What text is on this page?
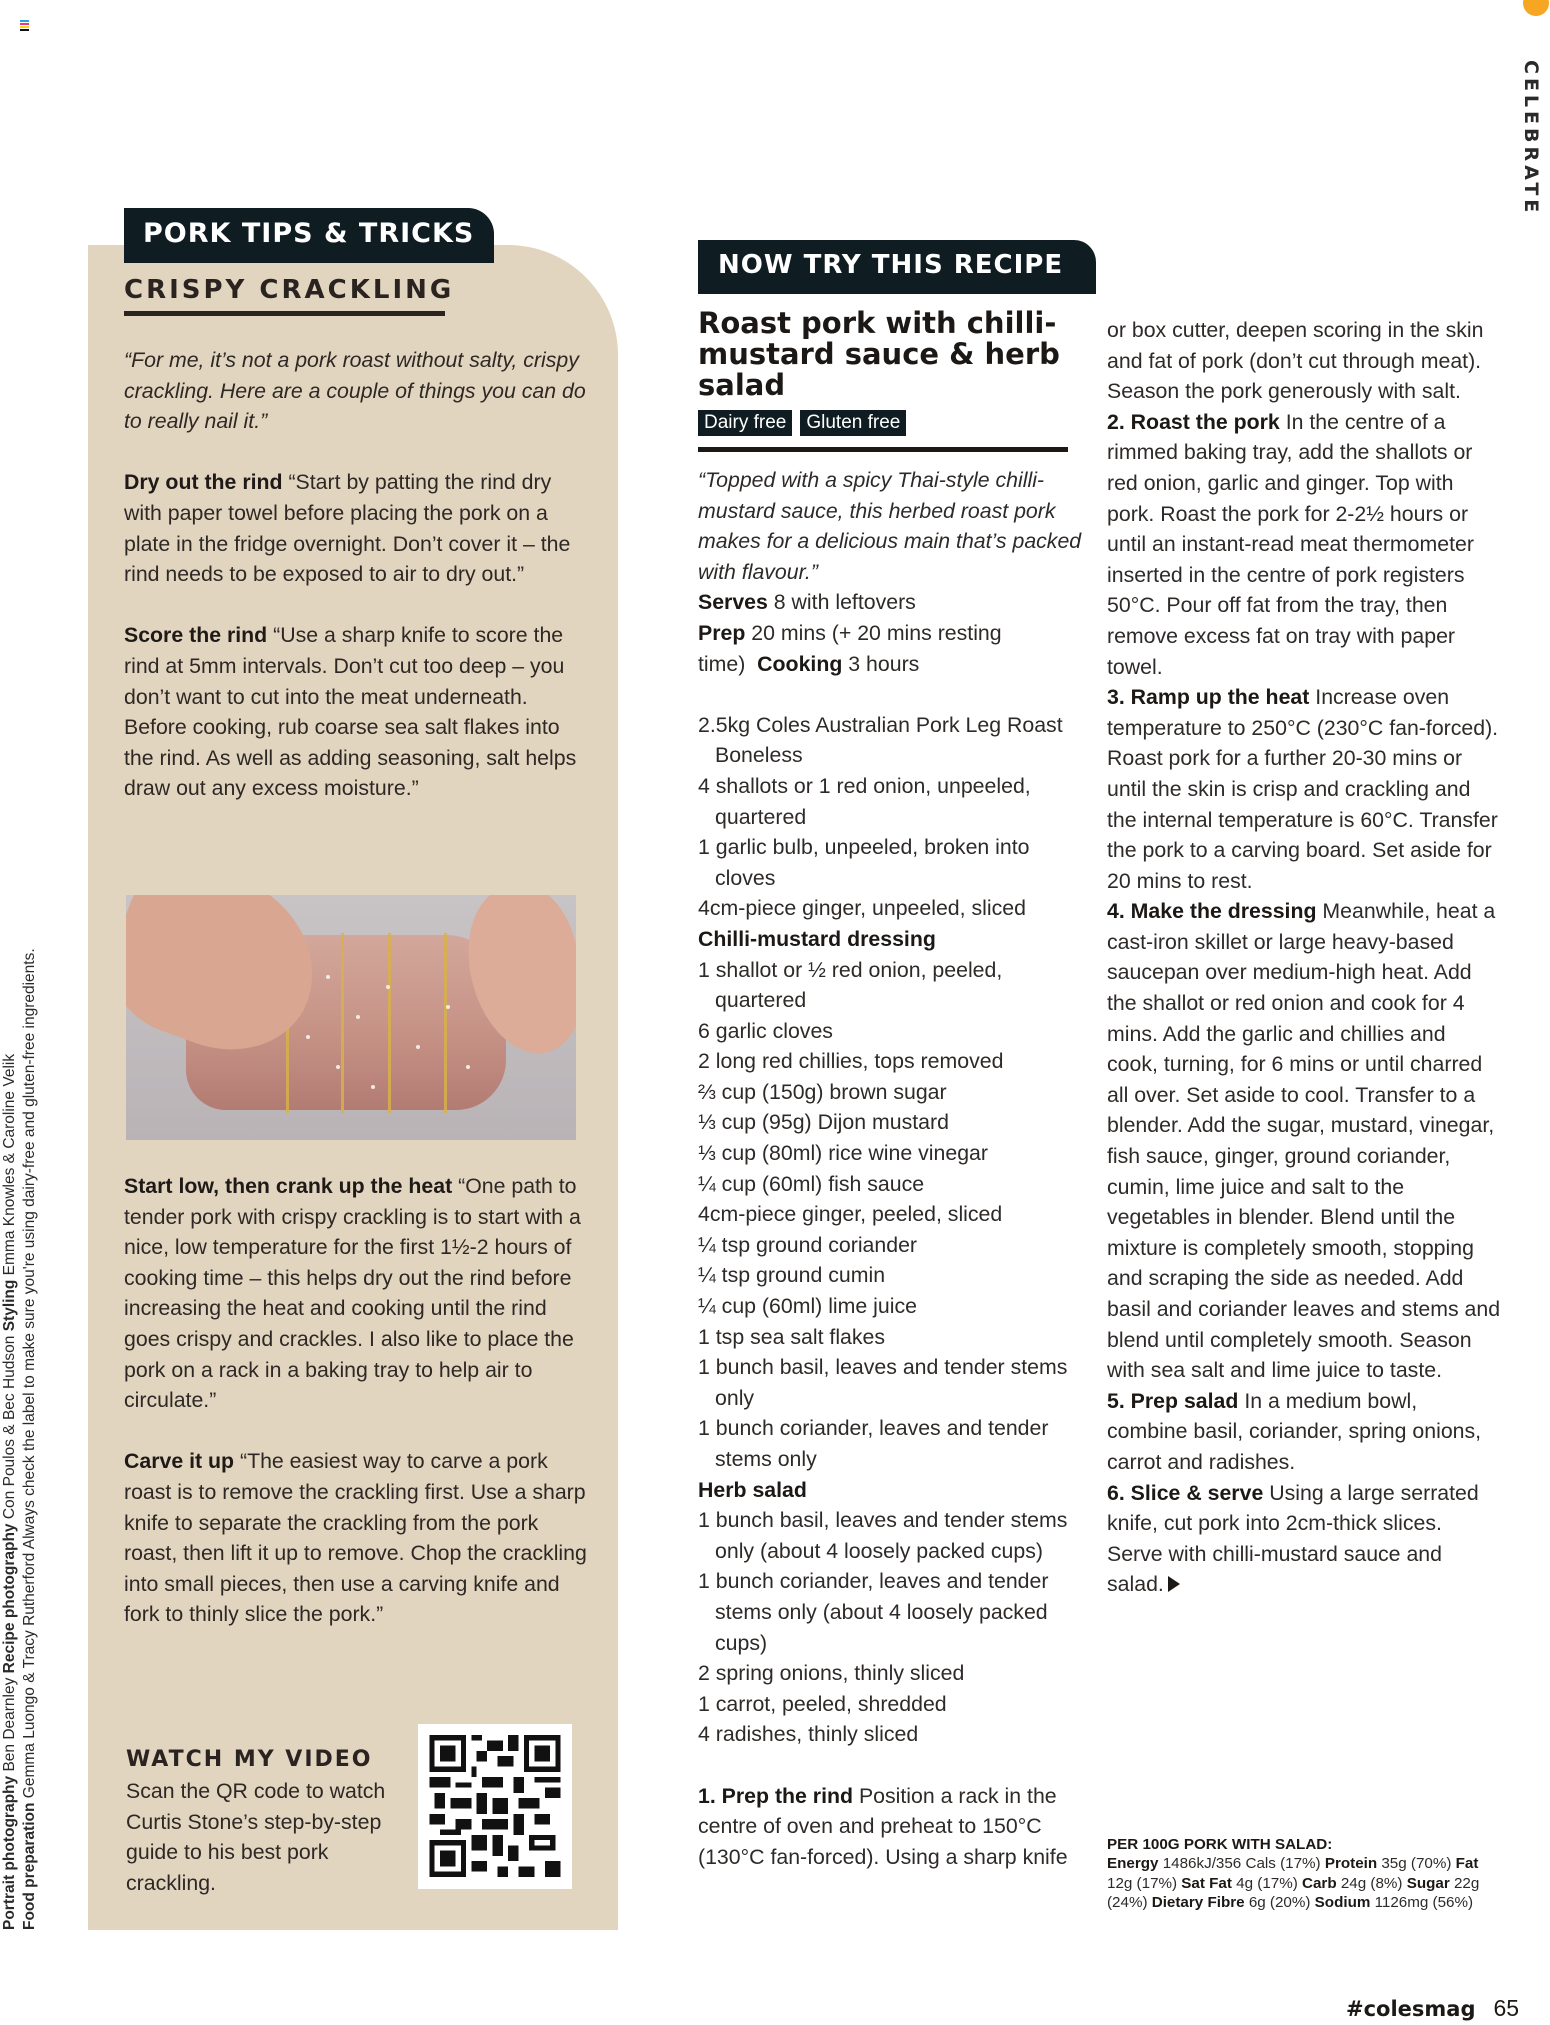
CELEBRATE
Portrait photography Ben Dearnley Recipe photography Con Poulos & Bec Hudson Styling Emma Knowles & Caroline Velik
Food preparation Gemma Luongo & Tracy Rutherford Always check the label to make sure you're using dairy-free and gluten-free ingredients.
PORK TIPS & TRICKS
CRISPY CRACKLING

“For me, it’s not a pork roast without salty, crispy crackling. Here are a couple of things you can do to really nail it.”

Dry out the rind “Start by patting the rind dry with paper towel before placing the pork on a plate in the fridge overnight. Don’t cover it – the rind needs to be exposed to air to dry out.”

Score the rind “Use a sharp knife to score the rind at 5mm intervals. Don’t cut too deep – you don’t want to cut into the meat underneath. Before cooking, rub coarse sea salt flakes into the rind. As well as adding seasoning, salt helps draw out any excess moisture.”

Start low, then crank up the heat “One path to tender pork with crispy crackling is to start with a nice, low temperature for the first 1½-2 hours of cooking time – this helps dry out the rind before increasing the heat and cooking until the rind goes crispy and crackles. I also like to place the pork on a rack in a baking tray to help air to circulate.”

Carve it up “The easiest way to carve a pork roast is to remove the crackling first. Use a sharp knife to separate the crackling from the pork roast, then lift it up to remove. Chop the crackling into small pieces, then use a carving knife and fork to thinly slice the pork.”

WATCH MY VIDEO
Scan the QR code to watch Curtis Stone’s step-by-step guide to his best pork crackling.
NOW TRY THIS RECIPE
Roast pork with chilli-mustard sauce & herb salad
Dairy free	Gluten free
“Topped with a spicy Thai-style chilli-mustard sauce, this herbed roast pork makes for a delicious main that’s packed with flavour.”
Serves 8 with leftovers
Prep 20 mins (+ 20 mins resting time)  Cooking 3 hours
2.5kg Coles Australian Pork Leg Roast Boneless
4 shallots or 1 red onion, unpeeled, quartered
1 garlic bulb, unpeeled, broken into cloves
4cm-piece ginger, unpeeled, sliced
Chilli-mustard dressing
1 shallot or ½ red onion, peeled, quartered
6 garlic cloves
2 long red chillies, tops removed
⅔ cup (150g) brown sugar
⅓ cup (95g) Dijon mustard
⅓ cup (80ml) rice wine vinegar
¼ cup (60ml) fish sauce
4cm-piece ginger, peeled, sliced
¼ tsp ground coriander
¼ tsp ground cumin
¼ cup (60ml) lime juice
1 tsp sea salt flakes
1 bunch basil, leaves and tender stems only
1 bunch coriander, leaves and tender stems only
Herb salad
1 bunch basil, leaves and tender stems only (about 4 loosely packed cups)
1 bunch coriander, leaves and tender stems only (about 4 loosely packed cups)
2 spring onions, thinly sliced
1 carrot, peeled, shredded
4 radishes, thinly sliced
1. Prep the rind Position a rack in the centre of oven and preheat to 150°C (130°C fan-forced). Using a sharp knife
or box cutter, deepen scoring in the skin and fat of pork (don’t cut through meat). Season the pork generously with salt.
2. Roast the pork In the centre of a rimmed baking tray, add the shallots or red onion, garlic and ginger. Top with pork. Roast the pork for 2-2½ hours or until an instant-read meat thermometer inserted in the centre of pork registers 50°C. Pour off fat from the tray, then remove excess fat on tray with paper towel.
3. Ramp up the heat Increase oven temperature to 250°C (230°C fan-forced). Roast pork for a further 20-30 mins or until the skin is crisp and crackling and the internal temperature is 60°C. Transfer the pork to a carving board. Set aside for 20 mins to rest.
4. Make the dressing Meanwhile, heat a cast-iron skillet or large heavy-based saucepan over medium-high heat. Add the shallot or red onion and cook for 4 mins. Add the garlic and chillies and cook, turning, for 6 mins or until charred all over. Set aside to cool. Transfer to a blender. Add the sugar, mustard, vinegar, fish sauce, ginger, ground coriander, cumin, lime juice and salt to the vegetables in blender. Blend until the mixture is completely smooth, stopping and scraping the side as needed. Add basil and coriander leaves and stems and blend until completely smooth. Season with sea salt and lime juice to taste.
5. Prep salad In a medium bowl, combine basil, coriander, spring onions, carrot and radishes.
6. Slice & serve Using a large serrated knife, cut pork into 2cm-thick slices. Serve with chilli-mustard sauce and salad.
PER 100G PORK WITH SALAD:
Energy 1486kJ/356 Cals (17%) Protein 35g (70%) Fat 12g (17%) Sat Fat 4g (17%) Carb 24g (8%) Sugar 22g (24%) Dietary Fibre 6g (20%) Sodium 1126mg (56%)
#colesmag 65
